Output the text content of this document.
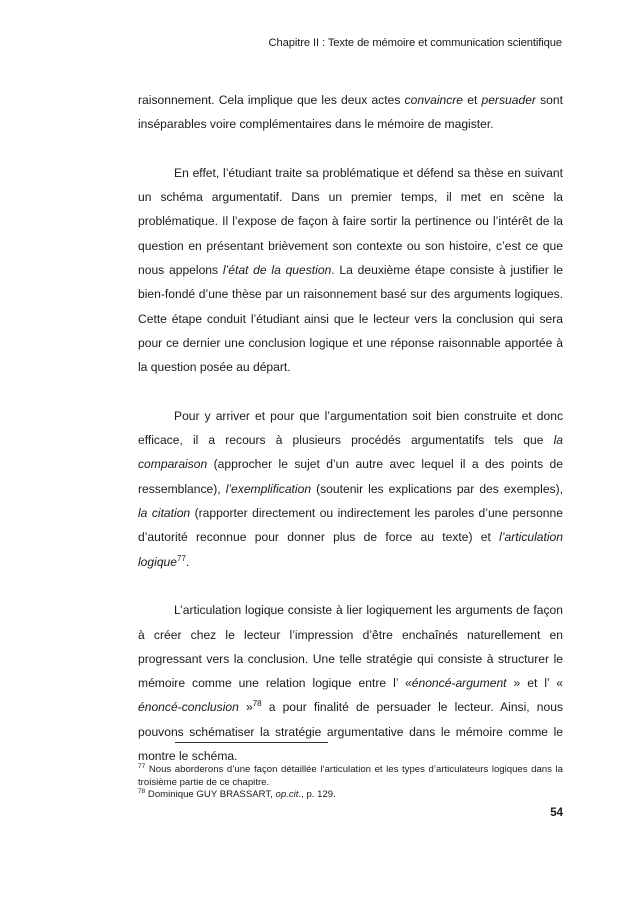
Chapitre II : Texte de mémoire et communication scientifique

raisonnement. Cela implique que les deux actes convaincre et persuader sont inséparables voire complémentaires dans le mémoire de magister.

En effet, l’étudiant traite sa problématique et défend sa thèse en suivant un schéma argumentatif. Dans un premier temps, il met en scène la problématique. Il l’expose de façon à faire sortir la pertinence ou l’intérêt de la question en présentant brièvement son contexte ou son histoire, c’est ce que nous appelons l’état de la question. La deuxième étape consiste à justifier le bien-fondé d’une thèse par un raisonnement basé sur des arguments logiques. Cette étape conduit l’étudiant ainsi que le lecteur vers la conclusion qui sera pour ce dernier une conclusion logique et une réponse raisonnable apportée à la question posée au départ.

Pour y arriver et pour que l’argumentation soit bien construite et donc efficace, il a recours à plusieurs procédés argumentatifs tels que la comparaison (approcher le sujet d’un autre avec lequel il a des points de ressemblance), l’exemplification (soutenir les explications par des exemples), la citation (rapporter directement ou indirectement les paroles d’une personne d’autorité reconnue pour donner plus de force au texte) et l’articulation logique$^{77}$.

L’articulation logique consiste à lier logiquement les arguments de façon à créer chez le lecteur l’impression d’être enchaînés naturellement en progressant vers la conclusion. Une telle stratégie qui consiste à structurer le mémoire comme une relation logique entre l’ «énoncé-argument » et l’ « énoncé-conclusion »$^{78}$ a pour finalité de persuader le lecteur. Ainsi, nous pouvons schématiser la stratégie argumentative dans le mémoire comme le montre le schéma.

$^{77}$ Nous aborderons d’une façon détaillée l’articulation et les types d’articulateurs logiques dans la troisième partie de ce chapitre.

$^{78}$ Dominique GUY BRASSART, op.cit., p. 129.

54
